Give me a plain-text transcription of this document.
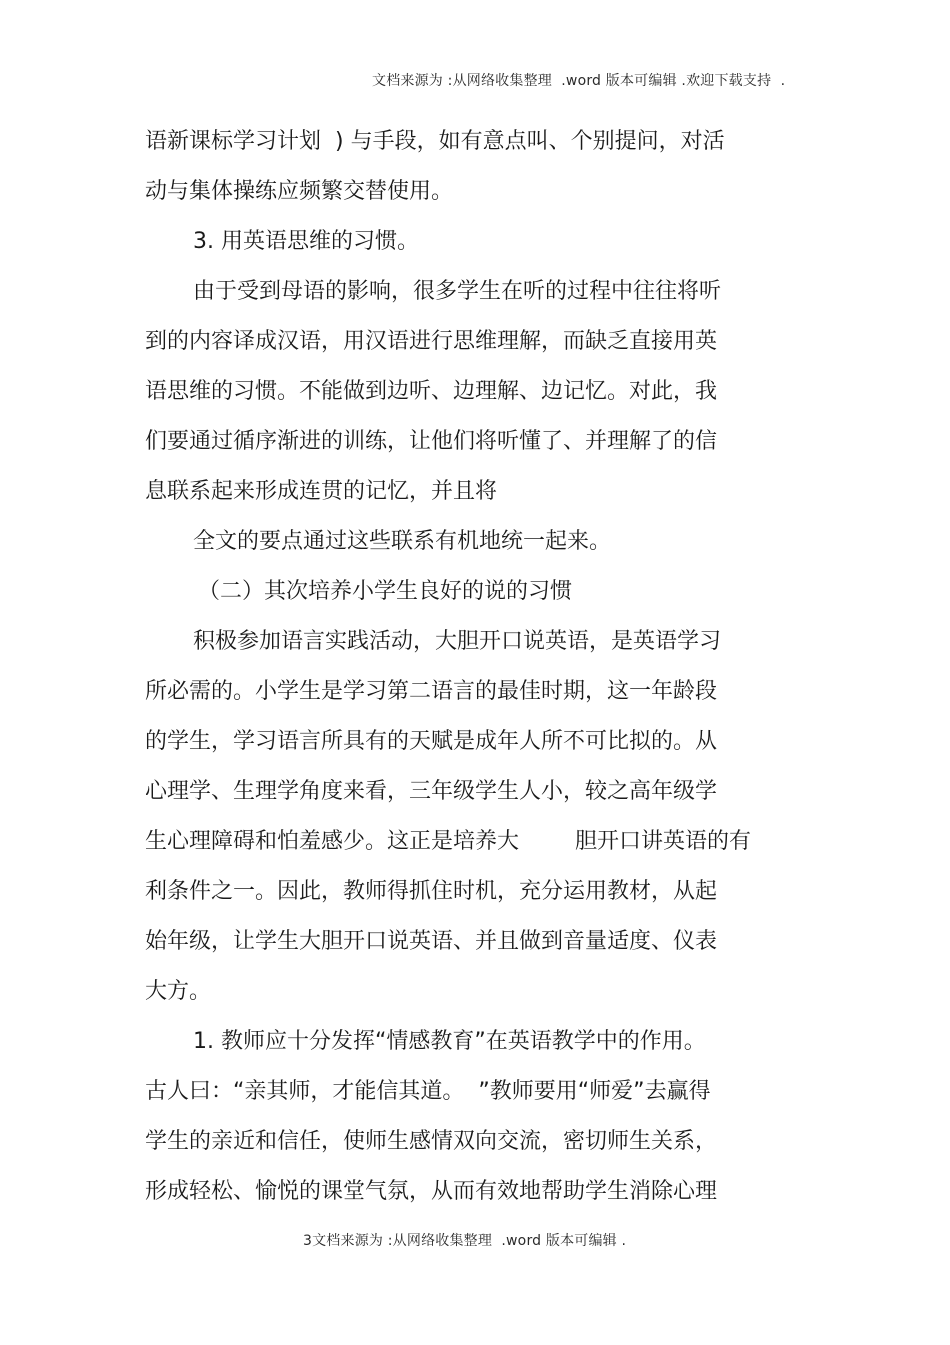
文档来源为 :从网络收集整理  .word 版本可编辑 .欢迎下载支持  .
语新课标学习计划  ) 与手段，如有意点叫、个别提问，对活
动与集体操练应频繁交替使用。
3. 用英语思维的习惯。
由于受到母语的影响，很多学生在听的过程中往往将听
到的内容译成汉语，用汉语进行思维理解，而缺乏直接用英
语思维的习惯。不能做到边听、边理解、边记忆。对此，我
们要通过循序渐进的训练，让他们将听懂了、并理解了的信
息联系起来形成连贯的记忆，并且将
全文的要点通过这些联系有机地统一起来。
（二）其次培养小学生良好的说的习惯
积极参加语言实践活动，大胆开口说英语，是英语学习
所必需的。小学生是学习第二语言的最佳时期，这一年龄段
的学生，学习语言所具有的天赋是成年人所不可比拟的。从
心理学、生理学角度来看，三年级学生人小，较之高年级学
生心理障碍和怕羞感少。这正是培养大        胆开口讲英语的有
利条件之一。因此，教师得抓住时机，充分运用教材，从起
始年级，让学生大胆开口说英语、并且做到音量适度、仪表
大方。
1. 教师应十分发挥“情感教育”在英语教学中的作用。
古人曰：“亲其师，才能信其道。  ”教师要用“师爱”去赢得
学生的亲近和信任，使师生感情双向交流，密切师生关系，
形成轻松、愉悦的课堂气氛，从而有效地帮助学生消除心理
3文档来源为 :从网络收集整理  .word 版本可编辑 .
